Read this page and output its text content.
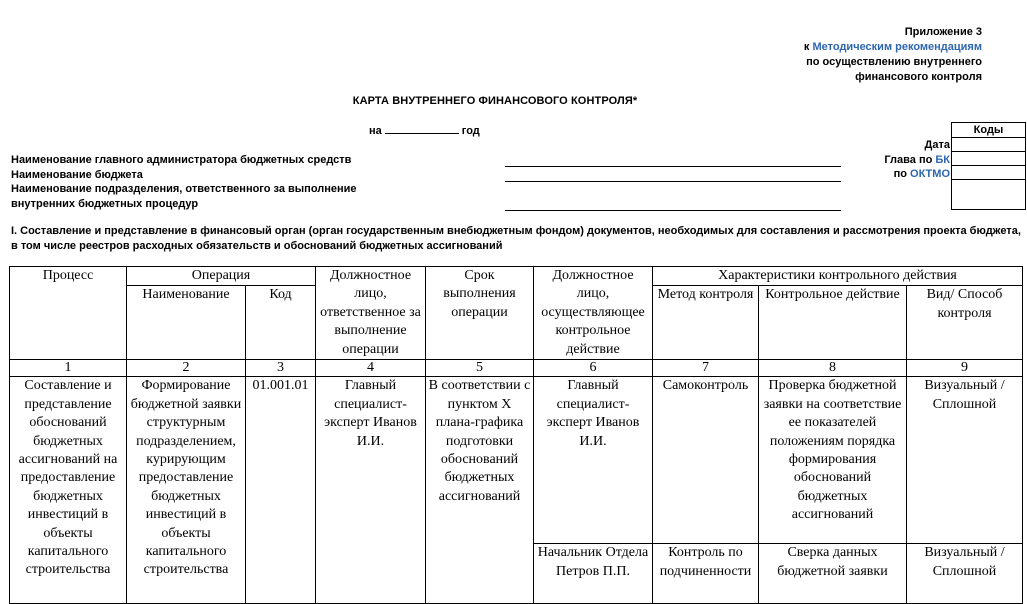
Приложение 3
к Методическим рекомендациям
по осуществлению внутреннего
финансового контроля
КАРТА ВНУТРЕННЕГО ФИНАНСОВОГО КОНТРОЛЯ*
на	год
Наименование главного администратора бюджетных средств
Наименование бюджета
Наименование подразделения, ответственного за выполнение
внутренних бюджетных процедур
Дата
Глава по БК
по ОКТМО
Коды
I. Составление и представление в финансовый орган (орган государственным внебюджетным фондом) документов, необходимых для составления и рассмотрения проекта бюджета, в том числе реестров расходных обязательств и обоснований бюджетных ассигнований
Процесс	Операция		Должностное лицо, ответственное за выполнение операции	Срок выполнения операции	Должностное лицо, осуществляющее контрольное действие	Характеристики контрольного действия		
	Наименование	Код				Метод контроля	Контрольное действие	Вид/ Способ контроля
1	2	3	4	5	6	7	8	9
Составление и представление обоснований бюджетных ассигнований на предоставление бюджетных инвестиций в объекты капитального строительства	Формирование бюджетной заявки структурным подразделением, курирующим предоставление бюджетных инвестиций в объекты капитального строительства	01.001.01	Главный специалист-эксперт Иванов И.И.	В соответствии с пунктом Х плана-графика подготовки обоснований бюджетных ассигнований	Главный специалист-эксперт Иванов И.И.	Самоконтроль	Проверка бюджетной заявки на соответствие ее показателей положениям порядка формирования обоснований бюджетных ассигнований	Визуальный / Сплошной
					Начальник Отдела Петров П.П.	Контроль по подчиненности	Сверка данных бюджетной заявки	Визуальный / Сплошной
